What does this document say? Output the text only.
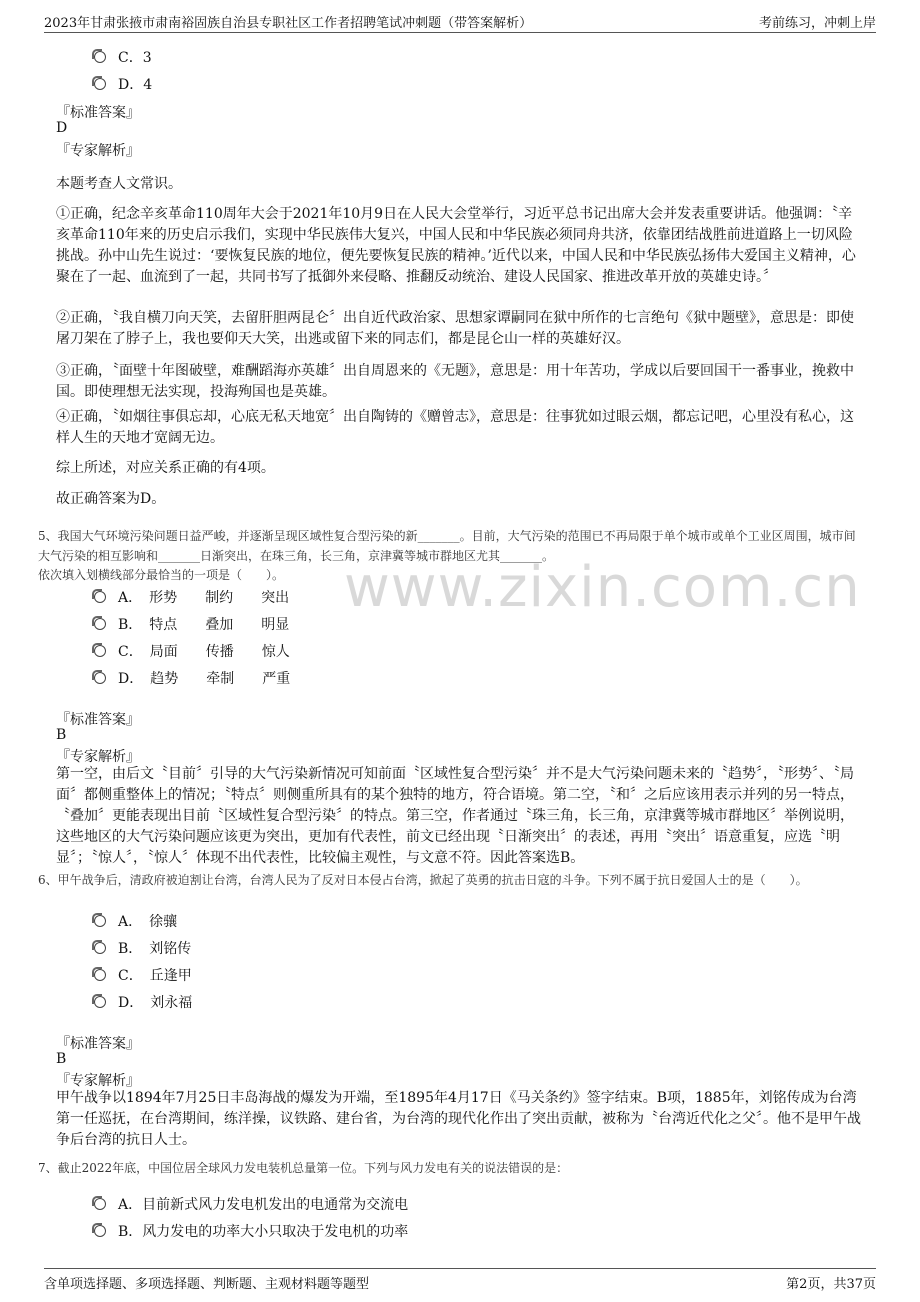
2023年甘肃张掖市肃南裕固族自治县专职社区工作者招聘笔试冲刺题（带答案解析）	考前练习，冲刺上岸
www.zixin.com.cn
C．3
D．4
『标准答案』
D
『专家解析』

本题考查人文常识。

①正确，纪念辛亥革命110周年大会于2021年10月9日在人民大会堂举行，习近平总书记出席大会并发表重要讲话。他强调：〝辛亥革命110年来的历史启示我们，实现中华民族伟大复兴，中国人民和中华民族必须同舟共济，依靠团结战胜前进道路上一切风险挑战。孙中山先生说过：‘要恢复民族的地位，便先要恢复民族的精神。’近代以来，中国人民和中华民族弘扬伟大爱国主义精神，心聚在了一起、血流到了一起，共同书写了抵御外来侵略、推翻反动统治、建设人民国家、推进改革开放的英雄史诗。〞

②正确，〝我自横刀向天笑，去留肝胆两昆仑〞出自近代政治家、思想家谭嗣同在狱中所作的七言绝句《狱中题壁》，意思是：即使屠刀架在了脖子上，我也要仰天大笑，出逃或留下来的同志们，都是昆仑山一样的英雄好汉。

③正确，〝面壁十年图破壁，难酬蹈海亦英雄〞出自周恩来的《无题》，意思是：用十年苦功，学成以后要回国干一番事业，挽救中国。即使理想无法实现，投海殉国也是英雄。

④正确，〝如烟往事俱忘却，心底无私天地宽〞出自陶铸的《赠曾志》，意思是：往事犹如过眼云烟，都忘记吧，心里没有私心，这样人生的天地才宽阔无边。

综上所述，对应关系正确的有4项。

故正确答案为D。

5、我国大气环境污染问题日益严峻，并逐渐呈现区域性复合型污染的新_______。目前，大气污染的范围已不再局限于单个城市或单个工业区周围，城市间大气污染的相互影响和_______日渐突出，在珠三角，长三角，京津冀等城市群地区尤其_______。

依次填入划横线部分最恰当的一项是（　　）。

A．　形势　　制约　　突出
B．　特点　　叠加　　明显
C．　局面　　传播　　惊人
D．　趋势　　牵制　　严重
『标准答案』
B
『专家解析』

第一空，由后文〝目前〞引导的大气污染新情况可知前面〝区域性复合型污染〞并不是大气污染问题未来的〝趋势〞，〝形势〞、〝局面〞都侧重整体上的情况；〝特点〞则侧重所具有的某个独特的地方，符合语境。第二空，〝和〞之后应该用表示并列的另一特点，〝叠加〞更能表现出目前〝区域性复合型污染〞的特点。第三空，作者通过〝珠三角，长三角，京津冀等城市群地区〞举例说明，这些地区的大气污染问题应该更为突出，更加有代表性，前文已经出现〝日渐突出〞的表述，再用〝突出〞语意重复，应选〝明显〞；〝惊人〞，〝惊人〞体现不出代表性，比较偏主观性，与文意不符。因此答案选B。

6、甲午战争后，清政府被迫割让台湾，台湾人民为了反对日本侵占台湾，掀起了英勇的抗击日寇的斗争。下列不属于抗日爱国人士的是（　　）。

A．　徐骧
B．　刘铭传
C．　丘逢甲
D．　刘永福
『标准答案』
B
『专家解析』

甲午战争以1894年7月25日丰岛海战的爆发为开端，至1895年4月17日《马关条约》签字结束。B项，1885年，刘铭传成为台湾第一任巡抚，在台湾期间，练洋操，议铁路、建台省，为台湾的现代化作出了突出贡献，被称为〝台湾近代化之父〞。他不是甲午战争后台湾的抗日人士。

7、截止2022年底，中国位居全球风力发电装机总量第一位。下列与风力发电有关的说法错误的是：

A．目前新式风力发电机发出的电通常为交流电
B．风力发电的功率大小只取决于发电机的功率
含单项选择题、多项选择题、判断题、主观材料题等题型	第2页，共37页
